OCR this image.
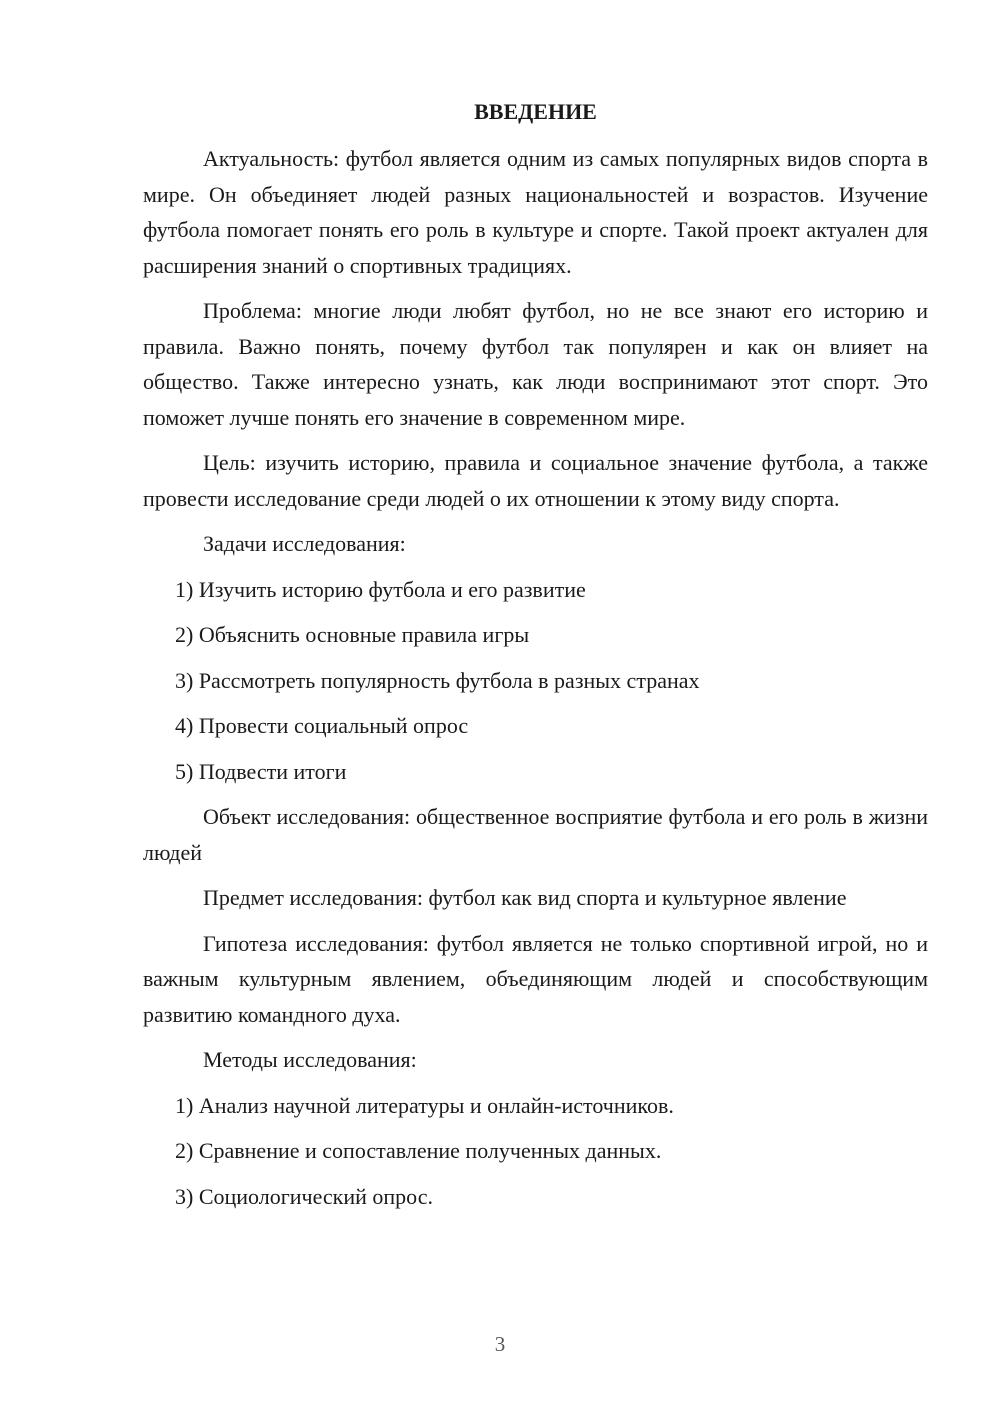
ВВЕДЕНИЕ

Актуальность: футбол является одним из самых популярных видов спорта в мире. Он объединяет людей разных национальностей и возрастов. Изучение футбола помогает понять его роль в культуре и спорте. Такой проект актуален для расширения знаний о спортивных традициях.

Проблема: многие люди любят футбол, но не все знают его историю и правила. Важно понять, почему футбол так популярен и как он влияет на общество. Также интересно узнать, как люди воспринимают этот спорт. Это поможет лучше понять его значение в современном мире.

Цель: изучить историю, правила и социальное значение футбола, а также провести исследование среди людей о их отношении к этому виду спорта.

Задачи исследования:

1) Изучить историю футбола и его развитие

2) Объяснить основные правила игры

3) Рассмотреть популярность футбола в разных странах

4) Провести социальный опрос

5) Подвести итоги

Объект исследования: общественное восприятие футбола и его роль в жизни людей

Предмет исследования: футбол как вид спорта и культурное явление

Гипотеза исследования: футбол является не только спортивной игрой, но и важным культурным явлением, объединяющим людей и способствующим развитию командного духа.

Методы исследования:

1) Анализ научной литературы и онлайн-источников.

2) Сравнение и сопоставление полученных данных.

3) Социологический опрос.

3
